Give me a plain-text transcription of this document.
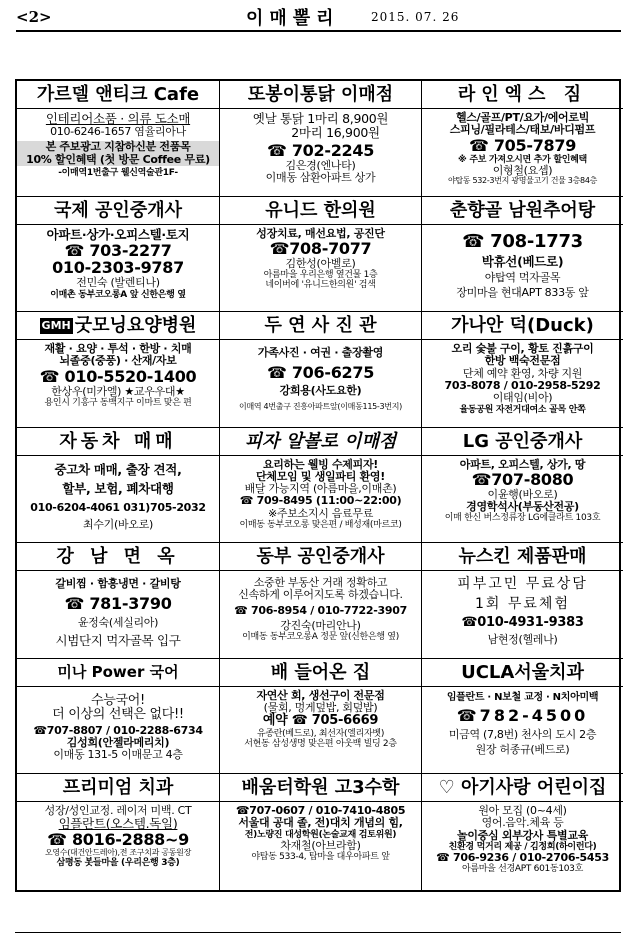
<2>	이매뽈리	2015. 07. 26
가르델 앤티크 Cafe
인테리어소품 · 의류 도소매
010-6246-1657 염율리아나
본 주보광고 지참하신분 전품목
10% 할인혜택 (첫 방문 Coffee 무료)
-이매역1번출구 웰신역술관1F-
또봉이통닭 이매점
옛날 통닭 1마리 8,900원
2마리 16,900원
☎ 702-2245
김은경(엔나타)
이매동 삼환아파트 상가
라인엑스 짐
헬스/골프/PT/요가/에어로빅
스피닝/필라테스/태보/바디펌프
☎ 705-7879
※ 주보 가져오시면 추가 할인혜택
이형철(요셉)
야탑동 532-3번지 광명물고기 건물 3층84층
국제 공인중개사
아파트·상가·오피스텔·토지
☎ 703-2277
010-2303-9787
전민숙 (발렌티나)
이매촌 동부코오롱A 앞 신한은행 옆
유니드 한의원
성장치료, 매선요법, 공진단
☎708-7077
김한성(아벨로)
아름마을 우리은행 옆건물 1층
네이버에 '유니드한의원' 검색
춘향골 남원추어탕
☎ 708-1773
박휴선(베드로)
야탑역 먹자골목
장미마을 현대APT 833동 앞
GMH 굿모닝요양병원
재활 · 요양 · 투석 · 한방 · 치매
뇌졸중(중풍) · 산재/자보
☎ 010-5520-1400
한상우(미카엘) ★교우우대★
용인시 기흥구 동백지구 이마트 맞은 편
두 연 사 진 관
가족사진 · 여권 · 출장촬영
☎ 706-6275
강희용(사도요한)
이매역 4번출구 진흥아파트앞(이매동115-3번지)
가나안 덕(Duck)
오리 숯불 구이, 황토 진흙구이
한방 백숙전문점
단체 예약 환영, 차량 지원
703-8078 / 010-2958-5292
이태임(비아)
율동공원 자전거대여소 골목 안쪽
자동차 매매
중고차 매매, 출장 견적,
할부, 보험, 폐차대행
010-6204-4061 031)705-2032
최수기(바오로)
피자 알볼로 이매점
요리하는 웰빙 수제피자!
단체모임 및 생일파티 환영!
배달 가능지역 (아름마을,이매촌)
☎ 709-8495 (11:00~22:00)
※주보소지시 음료무료
이매동 동부코오롱 맞은편 / 배성재(마르코)
LG 공인중개사
아파트, 오피스텔, 상가, 땅
☎707-8080
이윤행(바오로)
경영학석사(부동산전공)
이매 한신 버스정류장 LG에클라트 103호
강 남 면 옥
갈비찜 · 함흥냉면 · 갈비탕
☎ 781-3790
윤정숙(세실리아)
시범단지 먹자골목 입구
동부 공인중개사
소중한 부동산 거래 정확하고
신속하게 이루어지도록 하겠습니다.
☎ 706-8954 / 010-7722-3907
강진숙(마리안나)
이매동 동부코오롱A 정문 앞(신한은행 옆)
뉴스킨 제품판매
피부고민 무료상담
1회 무료체험
☎010-4931-9383
남현정(헬레나)
미나 Power 국어
수능국어!
더 이상의 선택은 없다!!
☎707-8807 / 010-2288-6734
김성희(안젤라메리치)
이매동 131-5 이매문고 4층
배 들어온 집
자연산 회, 생선구이 전문점
(물회, 멍게덮밥, 회덮밥)
예약 ☎ 705-6669
유종란(베드로), 최선자(엘리자벳)
서현동 삼성생명 맞은편 아웃백 빌딩 2층
UCLA서울치과
임플란트 · N보철 교정 · N치아미백
☎782-4500
미금역 (7,8번) 천사의 도시 2층
원장 허종규(베드로)
프리미엄 치과
성장/성인교정. 레이저 미백. CT
임플란트(오스템.독일)
☎ 8016-2888~9
오영수(대건안드레아),전 조구치과 공동원장
삼평동 봇들마을 (우리은행 3층)
배움터학원 고3수학
☎707-0607 / 010-7410-4805
서울대 공대 졸, 전)대치 개념의 힘,
전)노량진 대성학원(논술교재 검토위원)
차재철(아브라함)
야탑동 533-4, 탑마을 대우아파트 앞
♡ 아기사랑 어린이집
원아 모집 (0~4세)
영어.음악.체육 등
놀이중심 외부강사 특별교육
친환경 먹거리 제공 / 김정희(하이런다)
☎ 706-9236 / 010-2706-5453
아름마을 선경APT 601동103호
